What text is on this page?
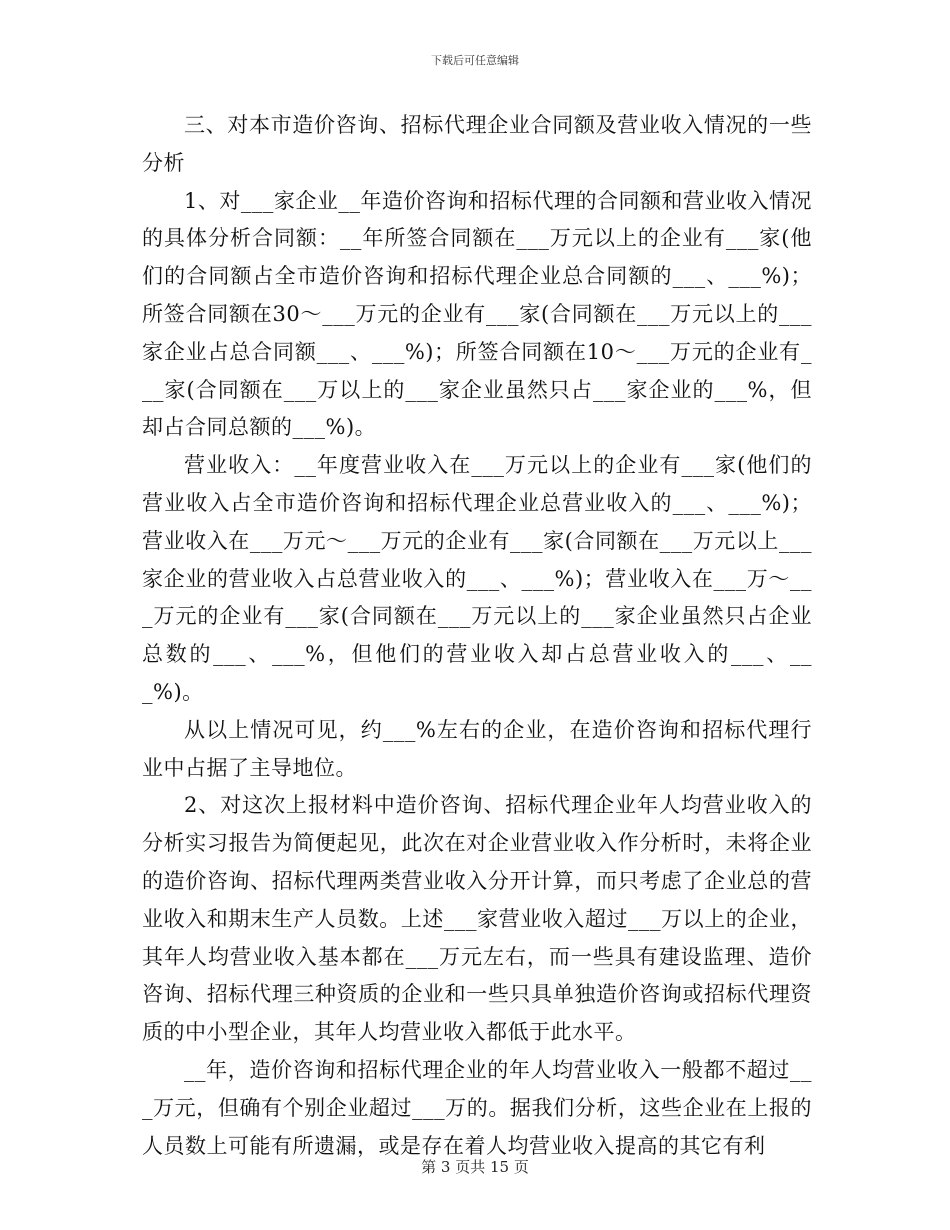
下载后可任意编辑

三、对本市造价咨询、招标代理企业合同额及营业收入情况的一些分析

1、对___家企业__年造价咨询和招标代理的合同额和营业收入情况的具体分析合同额：__年所签合同额在___万元以上的企业有___家(他们的合同额占全市造价咨询和招标代理企业总合同额的___、___%)；所签合同额在30～___万元的企业有___家(合同额在___万元以上的___家企业占总合同额___、___%)；所签合同额在10～___万元的企业有___家(合同额在___万以上的___家企业虽然只占___家企业的___%，但却占合同总额的___%)。

营业收入：__年度营业收入在___万元以上的企业有___家(他们的营业收入占全市造价咨询和招标代理企业总营业收入的___、___%)；营业收入在___万元～___万元的企业有___家(合同额在___万元以上___家企业的营业收入占总营业收入的___、___%)；营业收入在___万～___万元的企业有___家(合同额在___万元以上的___家企业虽然只占企业总数的___、___%，但他们的营业收入却占总营业收入的___、___%)。

从以上情况可见，约___%左右的企业，在造价咨询和招标代理行业中占据了主导地位。

2、对这次上报材料中造价咨询、招标代理企业年人均营业收入的分析实习报告为简便起见，此次在对企业营业收入作分析时，未将企业的造价咨询、招标代理两类营业收入分开计算，而只考虑了企业总的营业收入和期末生产人员数。上述___家营业收入超过___万以上的企业，其年人均营业收入基本都在___万元左右，而一些具有建设监理、造价咨询、招标代理三种资质的企业和一些只具单独造价咨询或招标代理资质的中小型企业，其年人均营业收入都低于此水平。

__年，造价咨询和招标代理企业的年人均营业收入一般都不超过___万元，但确有个别企业超过___万的。据我们分析，这些企业在上报的人员数上可能有所遗漏，或是存在着人均营业收入提高的其它有利

第 3 页共 15 页
